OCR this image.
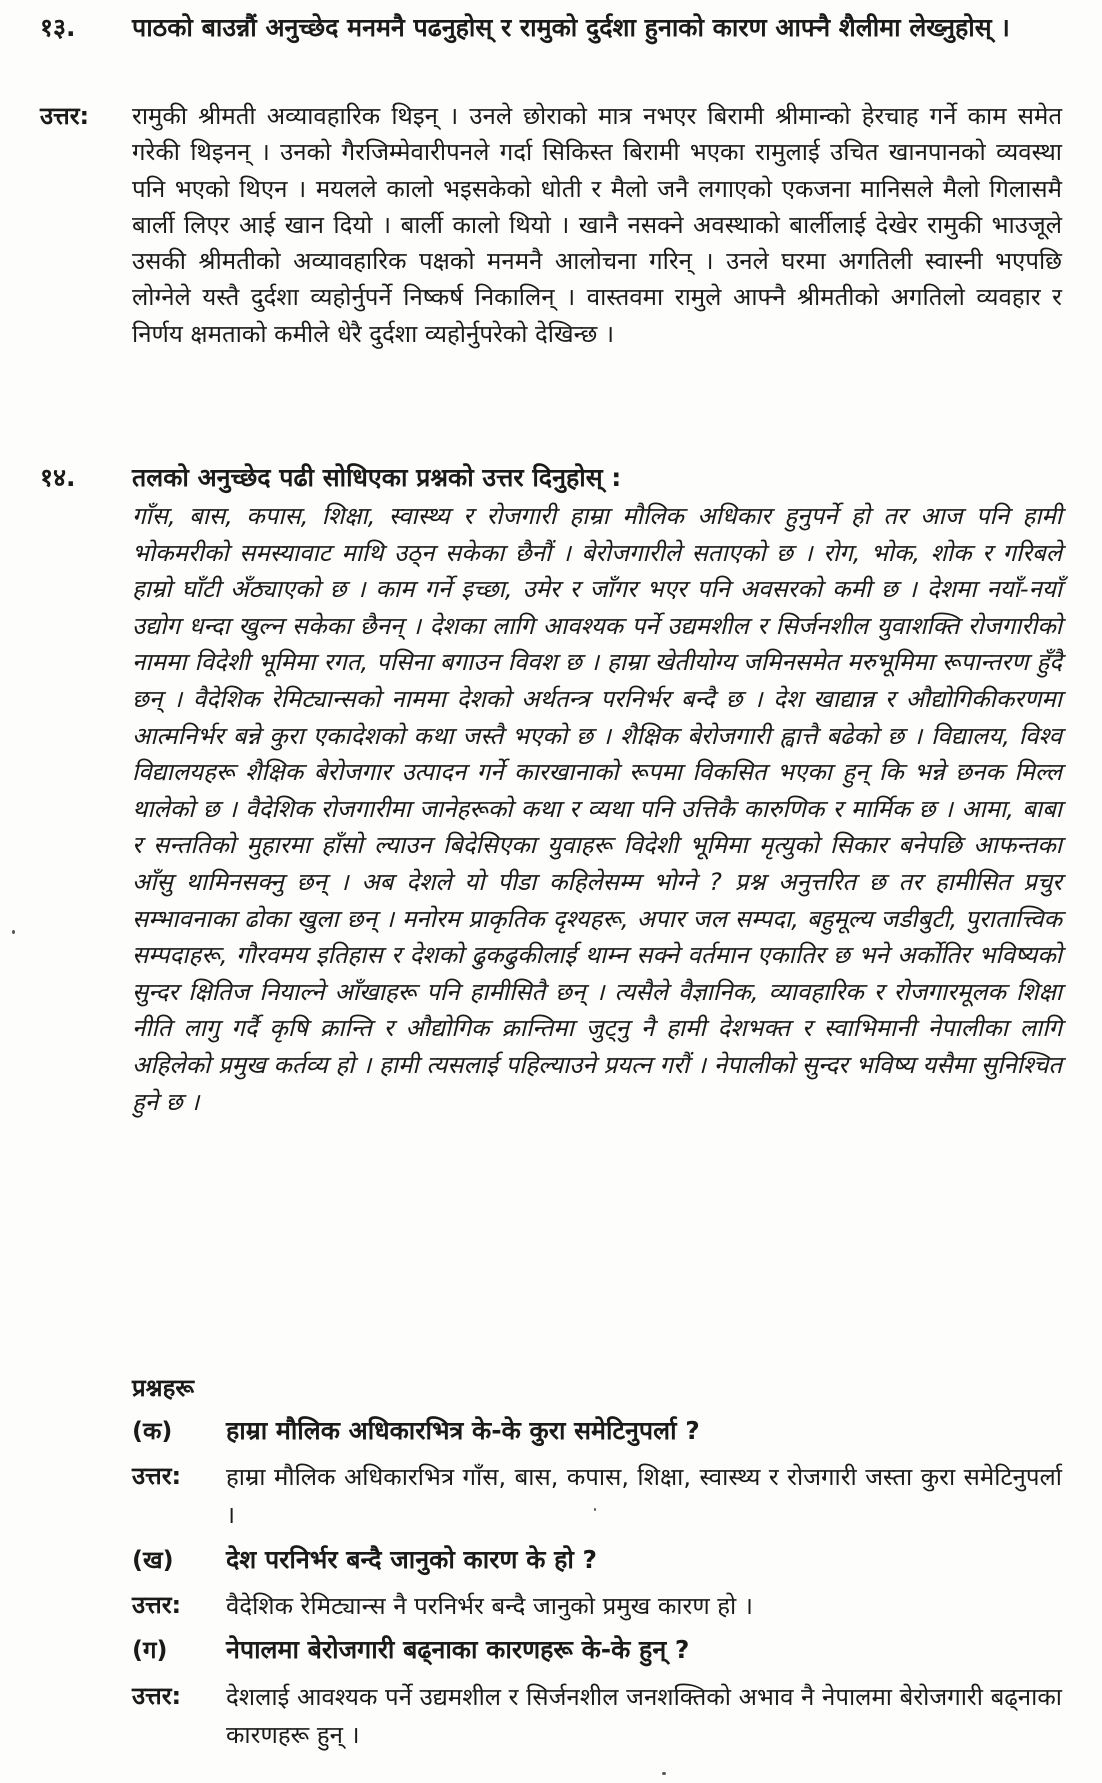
१३. पाठको बाउन्नौं अनुच्छेद मनमनै पढनुहोस् र रामुको दुर्दशा हुनाको कारण आफ्नै शैलीमा लेख्नुहोस् ।
उत्तर: रामुकी श्रीमती अव्यावहारिक थिइन् । उनले छोराको मात्र नभएर बिरामी श्रीमान्को हेरचाह गर्ने काम समेत गरेकी थिइनन् । उनको गैरजिम्मेवारीपनले गर्दा सिकिस्त बिरामी भएका रामुलाई उचित खानपानको व्यवस्था पनि भएको थिएन । मयलले कालो भइसकेको धोती र मैलो जनै लगाएको एकजना मानिसले मैलो गिलासमै बार्ली लिएर आई खान दियो । बार्ली कालो थियो । खानै नसक्ने अवस्थाको बार्लीलाई देखेर रामुकी भाउजूले उसकी श्रीमतीको अव्यावहारिक पक्षको मनमनै आलोचना गरिन् । उनले घरमा अगतिली स्वास्नी भएपछि लोग्नेले यस्तै दुर्दशा व्यहोर्नुपर्ने निष्कर्ष निकालिन् । वास्तवमा रामुले आफ्नै श्रीमतीको अगतिलो व्यवहार र निर्णय क्षमताको कमीले धेरै दुर्दशा व्यहोर्नुपरेको देखिन्छ ।
१४. तलको अनुच्छेद पढी सोधिएका प्रश्नको उत्तर दिनुहोस् :
गाँस, बास, कपास, शिक्षा, स्वास्थ्य र रोजगारी हाम्रा मौलिक अधिकार हुनुपर्ने हो तर आज पनि हामी भोकमरीको समस्यावाट माथि उठ्न सकेका छैनौं । बेरोजगारीले सताएको छ । रोग, भोक, शोक र गरिबले हाम्रो घाँटी अँठ्याएको छ । काम गर्ने इच्छा, उमेर र जाँगर भएर पनि अवसरको कमी छ । देशमा नयाँ-नयाँ उद्योग धन्दा खुल्न सकेका छैनन् । देशका लागि आवश्यक पर्ने उद्यमशील र सिर्जनशील युवाशक्ति रोजगारीको नाममा विदेशी भूमिमा रगत, पसिना बगाउन विवश छ । हाम्रा खेतीयोग्य जमिनसमेत मरुभूमिमा रूपान्तरण हुँदै छन् । वैदेशिक रेमिट्यान्सको नाममा देशको अर्थतन्त्र परनिर्भर बन्दै छ । देश खाद्यान्न र औद्योगिकीकरणमा आत्मनिर्भर बन्ने कुरा एकादेशको कथा जस्तै भएको छ । शैक्षिक बेरोजगारी ह्वात्तै बढेको छ । विद्यालय, विश्व विद्यालयहरू शैक्षिक बेरोजगार उत्पादन गर्ने कारखानाको रूपमा विकसित भएका हुन् कि भन्ने छनक मिल्ल थालेको छ । वैदेशिक रोजगारीमा जानेहरूको कथा र व्यथा पनि उत्तिकै कारुणिक र मार्मिक छ । आमा, बाबा र सन्ततिको मुहारमा हाँसो ल्याउन बिदेसिएका युवाहरू विदेशी भूमिमा मृत्युको सिकार बनेपछि आफन्तका आँसु थामिनसक्नु छन् । अब देशले यो पीडा कहिलेसम्म भोग्ने ? प्रश्न अनुत्तरित छ तर हामीसित प्रचुर सम्भावनाका ढोका खुला छन् । मनोरम प्राकृतिक दृश्यहरू, अपार जल सम्पदा, बहुमूल्य जडीबुटी, पुरातात्त्विक सम्पदाहरू, गौरवमय इतिहास र देशको ढुकढुकीलाई थाम्न सक्ने वर्तमान एकातिर छ भने अर्कोतिर भविष्यको सुन्दर क्षितिज नियाल्ने आँखाहरू पनि हामीसितै छन् । त्यसैले वैज्ञानिक, व्यावहारिक र रोजगारमूलक शिक्षा नीति लागु गर्दै कृषि क्रान्ति र औद्योगिक क्रान्तिमा जुट्नु नै हामी देशभक्त र स्वाभिमानी नेपालीका लागि अहिलेको प्रमुख कर्तव्य हो । हामी त्यसलाई पहिल्याउने प्रयत्न गरौं । नेपालीको सुन्दर भविष्य यसैमा सुनिश्चित हुने छ ।
प्रश्नहरू
(क) हाम्रा मौलिक अधिकारभित्र के-के कुरा समेटिनुपर्ला ?
उत्तर: हाम्रा मौलिक अधिकारभित्र गाँस, बास, कपास, शिक्षा, स्वास्थ्य र रोजगारी जस्ता कुरा समेटिनुपर्ला ।
(ख) देश परनिर्भर बन्दै जानुको कारण के हो ?
उत्तर: वैदेशिक रेमिट्यान्स नै परनिर्भर बन्दै जानुको प्रमुख कारण हो ।
(ग) नेपालमा बेरोजगारी बढ्नाका कारणहरू के-के हुन् ?
उत्तर: देशलाई आवश्यक पर्ने उद्यमशील र सिर्जनशील जनशक्तिको अभाव नै नेपालमा बेरोजगारी बढ्नाका कारणहरू हुन् ।
